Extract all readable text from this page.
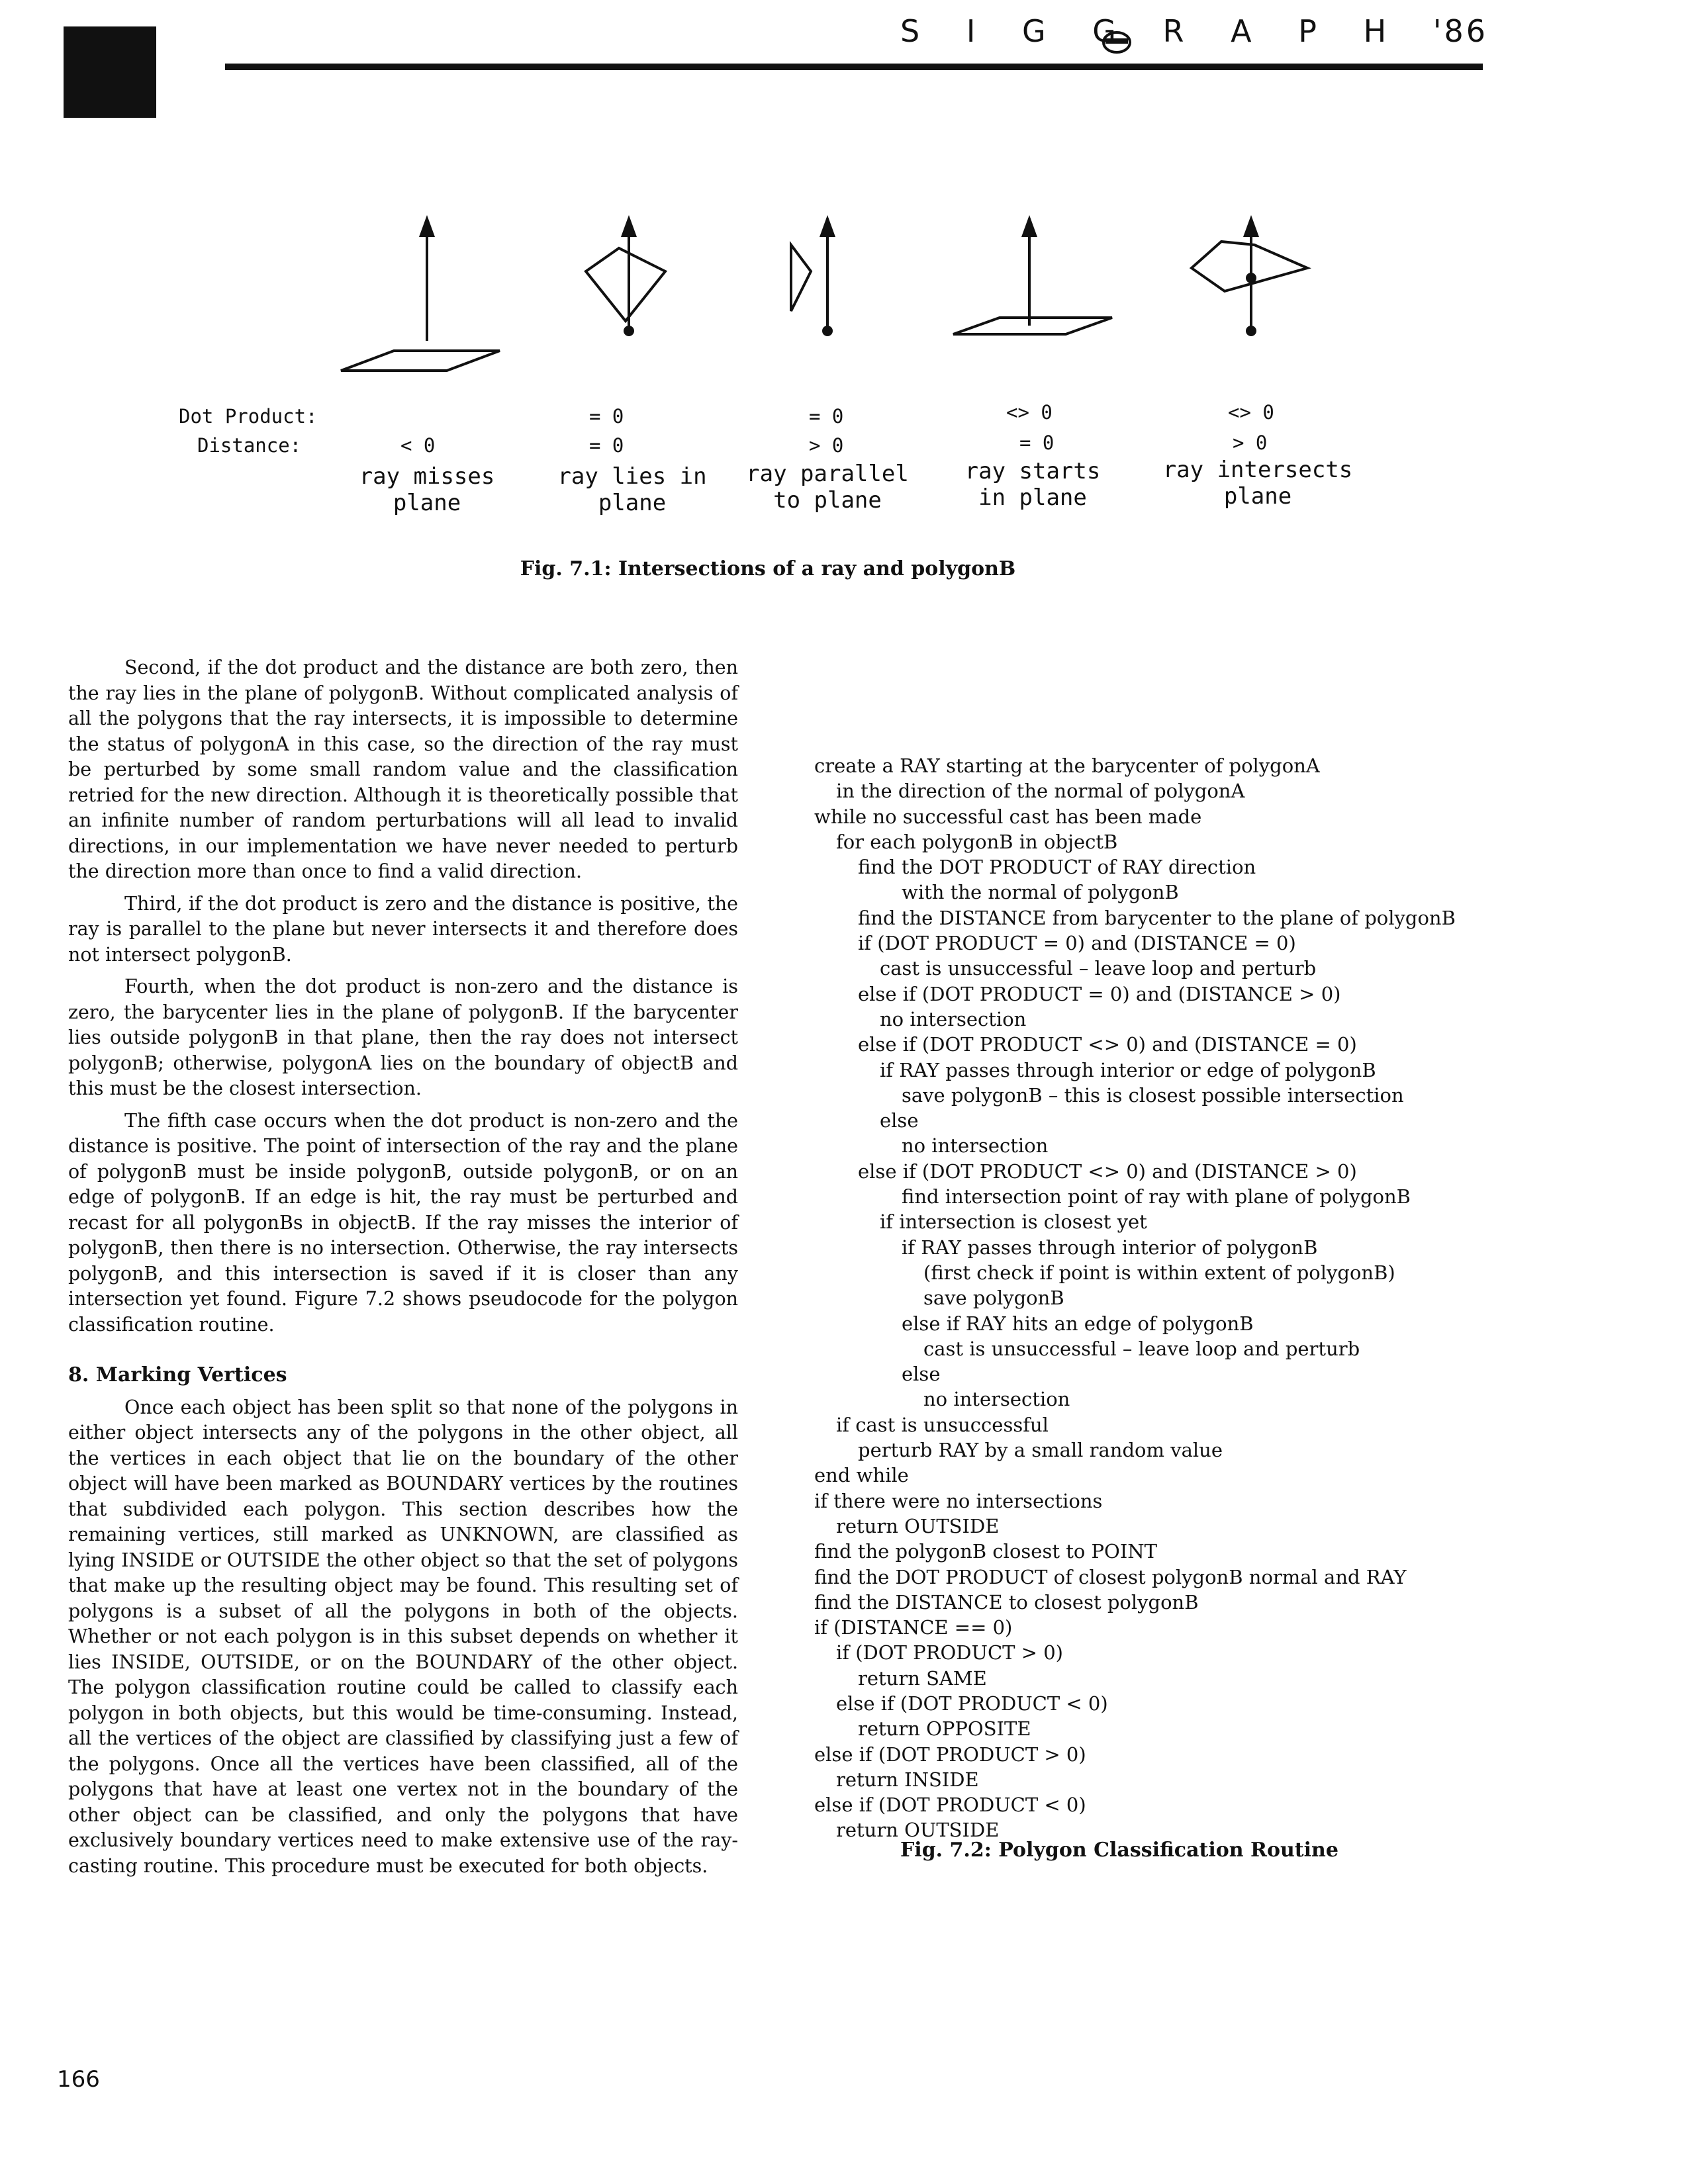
S I G G R A P H '86
Dot Product:
Distance:	< 0
ray misses
plane
= 0
= 0
ray lies in
plane
= 0
> 0
ray parallel
to plane
<> 0
= 0
ray starts
in plane
<> 0
> 0
ray intersects
plane
Fig. 7.1: Intersections of a ray and polygonB

Second, if the dot product and the distance are both zero, then the ray lies in the plane of polygonB. Without complicated analysis of all the polygons that the ray intersects, it is impossible to determine the status of polygonA in this case, so the direction of the ray must be perturbed by some small random value and the classification retried for the new direction. Although it is theoretically possible that an infinite number of random perturbations will all lead to invalid directions, in our implementation we have never needed to perturb the direction more than once to find a valid direction.

Third, if the dot product is zero and the distance is positive, the ray is parallel to the plane but never intersects it and therefore does not intersect polygonB.

Fourth, when the dot product is non-zero and the distance is zero, the barycenter lies in the plane of polygonB. If the barycenter lies outside polygonB in that plane, then the ray does not intersect polygonB; otherwise, polygonA lies on the boundary of objectB and this must be the closest intersection.

The fifth case occurs when the dot product is non-zero and the distance is positive. The point of intersection of the ray and the plane of polygonB must be inside polygonB, outside polygonB, or on an edge of polygonB. If an edge is hit, the ray must be perturbed and recast for all polygonBs in objectB. If the ray misses the interior of polygonB, then there is no intersection. Otherwise, the ray intersects polygonB, and this intersection is saved if it is closer than any intersection yet found. Figure 7.2 shows pseudocode for the polygon classification routine.

8. Marking Vertices

Once each object has been split so that none of the polygons in either object intersects any of the polygons in the other object, all the vertices in each object that lie on the boundary of the other object will have been marked as BOUNDARY vertices by the routines that subdivided each polygon. This section describes how the remaining vertices, still marked as UNKNOWN, are classified as lying INSIDE or OUTSIDE the other object so that the set of polygons that make up the resulting object may be found. This resulting set of polygons is a subset of all the polygons in both of the objects. Whether or not each polygon is in this subset depends on whether it lies INSIDE, OUTSIDE, or on the BOUNDARY of the other object. The polygon classification routine could be called to classify each polygon in both objects, but this would be time-consuming. Instead, all the vertices of the object are classified by classifying just a few of the polygons. Once all the vertices have been classified, all of the polygons that have at least one vertex not in the boundary of the other object can be classified, and only the polygons that have exclusively boundary vertices need to make extensive use of the ray-casting routine. This procedure must be executed for both objects.

create a RAY starting at the barycenter of polygonA
in the direction of the normal of polygonA
while no successful cast has been made
for each polygonB in objectB
find the DOT PRODUCT of RAY direction
with the normal of polygonB
find the DISTANCE from barycenter to the plane of polygonB
if (DOT PRODUCT = 0) and (DISTANCE = 0)
cast is unsuccessful – leave loop and perturb
else if (DOT PRODUCT = 0) and (DISTANCE > 0)
no intersection
else if (DOT PRODUCT <> 0) and (DISTANCE = 0)
if RAY passes through interior or edge of polygonB
save polygonB – this is closest possible intersection
else
no intersection
else if (DOT PRODUCT <> 0) and (DISTANCE > 0)
find intersection point of ray with plane of polygonB
if intersection is closest yet
if RAY passes through interior of polygonB
(first check if point is within extent of polygonB)
save polygonB
else if RAY hits an edge of polygonB
cast is unsuccessful – leave loop and perturb
else
no intersection
if cast is unsuccessful
perturb RAY by a small random value
end while
if there were no intersections
return OUTSIDE
find the polygonB closest to POINT
find the DOT PRODUCT of closest polygonB normal and RAY
find the DISTANCE to closest polygonB
if (DISTANCE == 0)
if (DOT PRODUCT > 0)
return SAME
else if (DOT PRODUCT < 0)
return OPPOSITE
else if (DOT PRODUCT > 0)
return INSIDE
else if (DOT PRODUCT < 0)
return OUTSIDE
Fig. 7.2: Polygon Classification Routine
166
